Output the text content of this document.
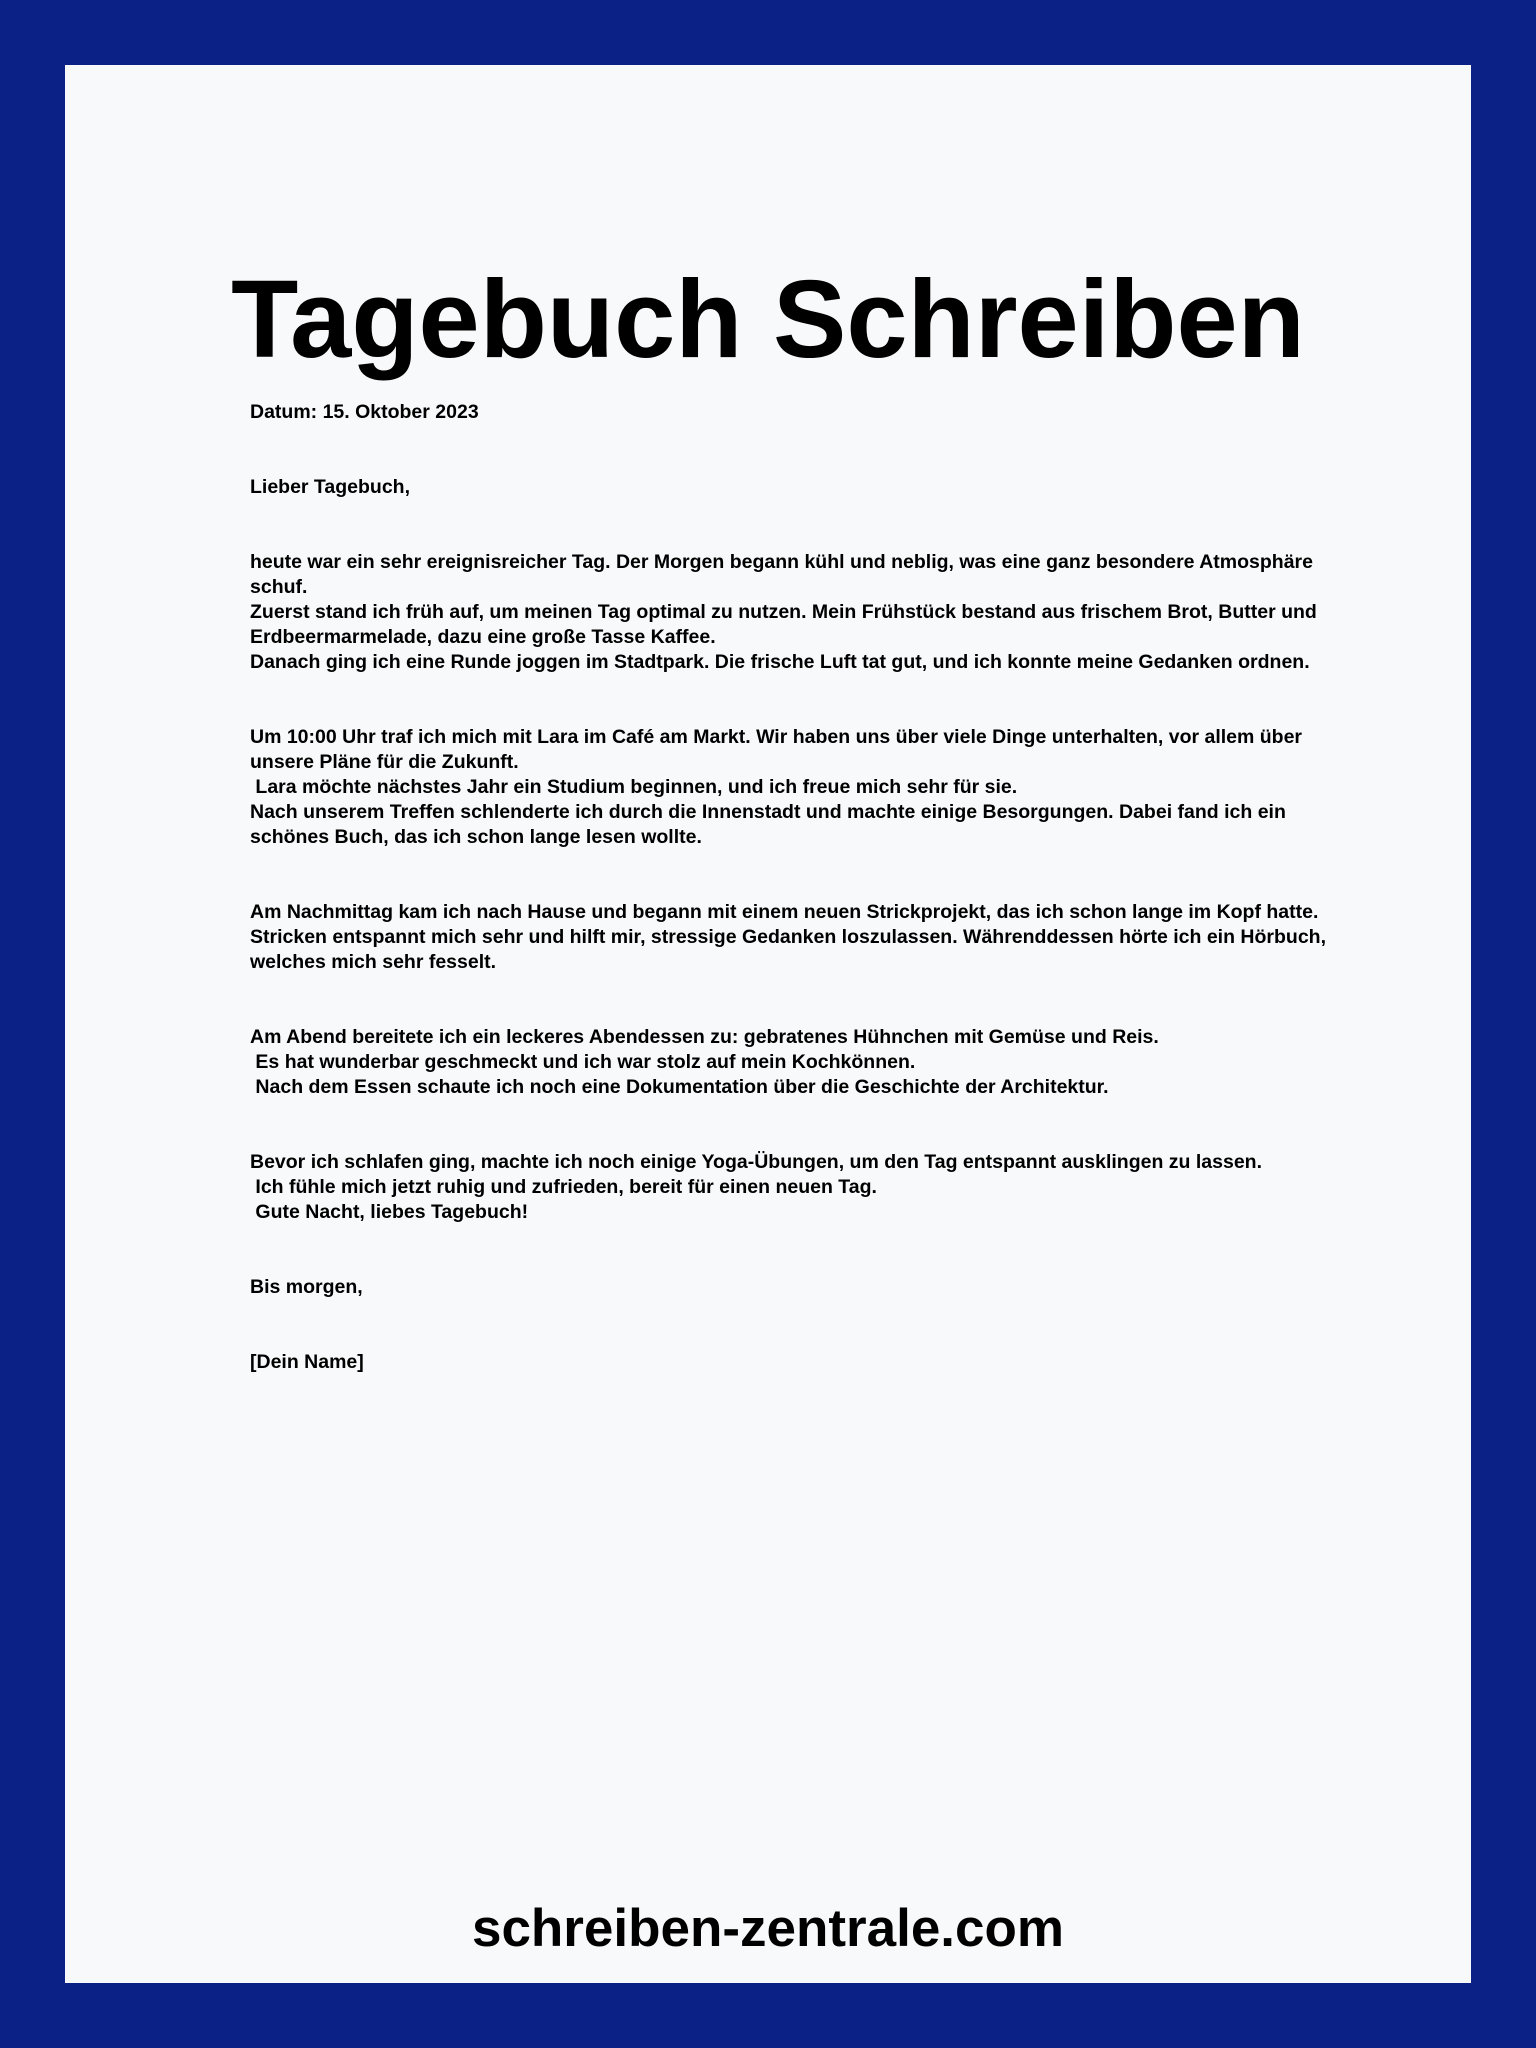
Tagebuch Schreiben

Datum: 15. Oktober 2023

Lieber Tagebuch,

heute war ein sehr ereignisreicher Tag. Der Morgen begann kühl und neblig, was eine ganz besondere Atmosphäre schuf.
Zuerst stand ich früh auf, um meinen Tag optimal zu nutzen. Mein Frühstück bestand aus frischem Brot, Butter und Erdbeermarmelade, dazu eine große Tasse Kaffee.
Danach ging ich eine Runde joggen im Stadtpark. Die frische Luft tat gut, und ich konnte meine Gedanken ordnen.
Um 10:00 Uhr traf ich mich mit Lara im Café am Markt. Wir haben uns über viele Dinge unterhalten, vor allem über unsere Pläne für die Zukunft.
Lara möchte nächstes Jahr ein Studium beginnen, und ich freue mich sehr für sie.
Nach unserem Treffen schlenderte ich durch die Innenstadt und machte einige Besorgungen. Dabei fand ich ein schönes Buch, das ich schon lange lesen wollte.
Am Nachmittag kam ich nach Hause und begann mit einem neuen Strickprojekt, das ich schon lange im Kopf hatte.
Stricken entspannt mich sehr und hilft mir, stressige Gedanken loszulassen. Währenddessen hörte ich ein Hörbuch, welches mich sehr fesselt.
Am Abend bereitete ich ein leckeres Abendessen zu: gebratenes Hühnchen mit Gemüse und Reis.
Es hat wunderbar geschmeckt und ich war stolz auf mein Kochkönnen.
Nach dem Essen schaute ich noch eine Dokumentation über die Geschichte der Architektur.
Bevor ich schlafen ging, machte ich noch einige Yoga-Übungen, um den Tag entspannt ausklingen zu lassen.
Ich fühle mich jetzt ruhig und zufrieden, bereit für einen neuen Tag.
Gute Nacht, liebes Tagebuch!

Bis morgen,

[Dein Name]

schreiben-zentrale.com
